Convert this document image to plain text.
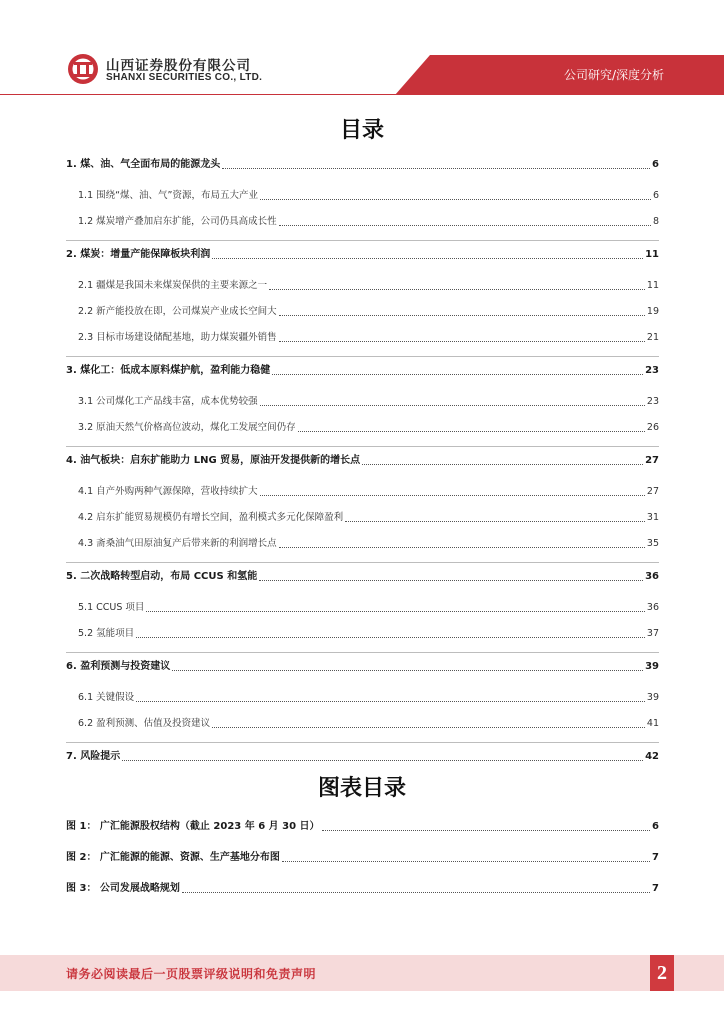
山西证券股份有限公司
SHANXI SECURITIES CO., LTD.	公司研究/深度分析
目录
1. 煤、油、气全面布局的能源龙头	6
1.1 围绕“煤、油、气”资源，布局五大产业	6
1.2 煤炭增产叠加启东扩能，公司仍具高成长性	8
2. 煤炭：增量产能保障板块利润	11
2.1 疆煤是我国未来煤炭保供的主要来源之一	11
2.2 新产能投放在即，公司煤炭产业成长空间大	19
2.3 目标市场建设储配基地，助力煤炭疆外销售	21
3. 煤化工：低成本原料煤护航，盈利能力稳健	23
3.1 公司煤化工产品线丰富，成本优势较强	23
3.2 原油天然气价格高位波动，煤化工发展空间仍存	26
4. 油气板块：启东扩能助力 LNG 贸易，原油开发提供新的增长点	27
4.1 自产外购两种气源保障，营收持续扩大	27
4.2 启东扩能贸易规模仍有增长空间，盈利模式多元化保障盈利	31
4.3 斋桑油气田原油复产后带来新的利润增长点	35
5. 二次战略转型启动，布局 CCUS 和氢能	36
5.1 CCUS 项目	36
5.2 氢能项目	37
6. 盈利预测与投资建议	39
6.1 关键假设	39
6.2 盈利预测、估值及投资建议	41
7. 风险提示	42
图表目录
图 1： 广汇能源股权结构（截止 2023 年 6 月 30 日）	6
图 2： 广汇能源的能源、资源、生产基地分布图	7
图 3： 公司发展战略规划	7
请务必阅读最后一页股票评级说明和免责声明	2
